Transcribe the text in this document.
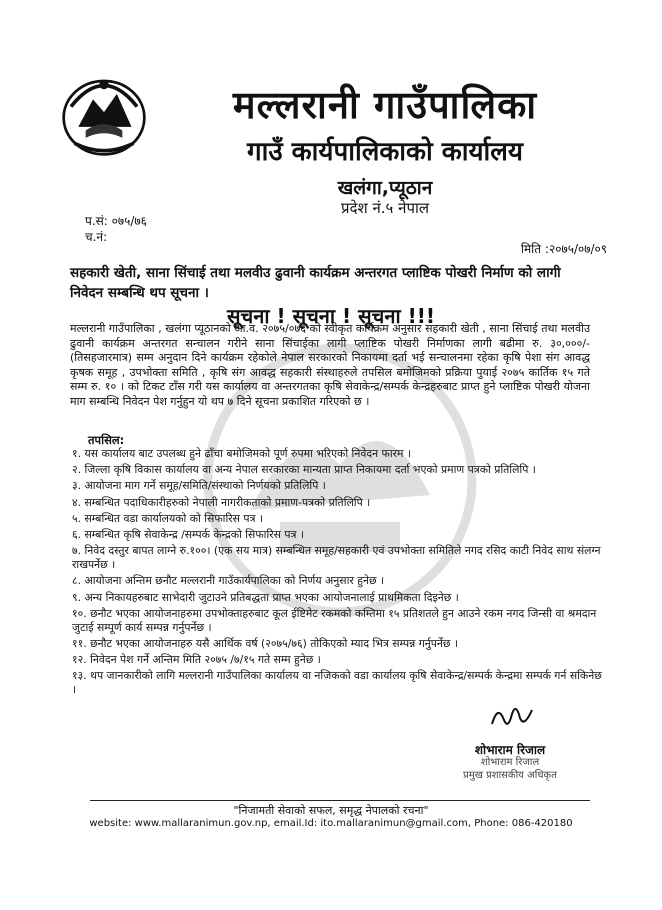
मल्लरानी गाउँपालिका
गाउँ कार्यपालिकाको कार्यालय
खलंगा,प्यूठान
प्रदेश नं.५ नेपाल
प.सं: ०७५/७६
च.नं:
मिति :२०७५/०७/०९
सहकारी खेती, साना सिंचाई तथा मलवीउ ढुवानी कार्यक्रम अन्तरगत प्लाष्टिक पोखरी निर्माण को लागी निवेदन सम्बन्धि थप सूचना ।
सूचना ! सूचना ! सूचना !!!
मल्लरानी गाउँपालिका , खलंगा प्यूठानको आ.व. २०७५/०७६ को स्वीकृत कार्यक्रम अनुसार सहकारी खेती , साना सिंचाई तथा मलवीउ ढुवानी कार्यक्रम अन्तरगत सन्चालन गरीने साना सिंचाईका लागी प्लाष्टिक पोखरी निर्माणका लागी बढीमा रु. ३०,०००/- (तिसहजारमात्र) सम्म अनुदान दिने कार्यक्रम रहेकोले नेपाल सरकारको निकायमा दर्ता भई सन्चालनमा रहेका कृषि पेशा संग आवद्ध कृषक समूह , उपभोक्ता समिति , कृषि संग आवद्ध सहकारी संस्थाहरुले तपसिल बमोजिमको प्रक्रिया पुयाई २०७५ कार्तिक १५ गते सम्म रु. १० । को टिकट टाँस गरी यस कार्यालय वा अन्तरगतका कृषि सेवाकेन्द्र/सम्पर्क केन्द्रहरुबाट प्राप्त हुने प्लाष्टिक पोखरी योजना माग सम्बन्धि निवेदन पेश गर्नुहुन यो थप ७ दिने सूचना प्रकाशित गरिएको छ ।
तपसिल:
१. यस कार्यालय बाट उपलब्ध हुने ढाँचा बमोजिमको पूर्ण रुपमा भरिएको निवेदन फारम ।
२. जिल्ला कृषि विकास कार्यालय वा अन्य नेपाल सरकारका मान्यता प्राप्त निकायमा दर्ता भएको प्रमाण पत्रको प्रतिलिपि ।
३. आयोजना माग गर्ने समूह/समिति/संस्थाको निर्णयको प्रतिलिपि ।
४. सम्बन्धित पदाधिकारीहरुको नेपाली नागरीकताको प्रमाण-पत्रको प्रतिलिपि ।
५. सम्बन्धित वडा कार्यालयको को सिफारिस पत्र ।
६. सम्बन्धित कृषि सेवाकेन्द्र /सम्पर्क केन्द्रको सिफारिस पत्र ।
७. निवेद दस्तुर बापत लाग्ने रु.१००। (एक सय मात्र) सम्बन्धित समूह/सहकारी एवं उपभोक्ता समितिले नगद रसिद काटी निवेद साथ संलग्न राखपर्नेछ ।
८. आयोजना अन्तिम छनौट मल्लरानी गाउँकार्यपालिका को निर्णय अनुसार हुनेछ ।
९. अन्य निकायहरुबाट साभेदारी जुटाउने प्रतिबद्धता प्राप्त भएका आयोजनालाई प्राथमिकता दिइनेछ ।
१०. छनौट भएका आयोजनाहरुमा उपभोक्ताहरुबाट कूल ईष्टिमेट रकमको कम्तिमा १५ प्रतिशतले हुन आउने रकम नगद जिन्सी वा श्रमदान जुटाई सम्पूर्ण कार्य सम्पन्न गर्नुपर्नेछ ।
११. छनौट भएका आयोजनाहरु यसै आर्थिक वर्ष (२०७५/७६) तोकिएको म्याद भित्र सम्पन्न गर्नुपर्नेछ ।
१२. निवेदन पेश गर्ने अन्तिम मिति २०७५ /७/१५ गते सम्म हुनेछ ।
१३. थप जानकारीको लागि मल्लरानी गाउँपालिका कार्यालय वा नजिकको वडा कार्यालय कृषि सेवाकेन्द्र/सम्पर्क केन्द्रमा सम्पर्क गर्न सकिनेछ ।
शोभाराम रिजाल
शोभाराम रिजाल
प्रमुख प्रशासकीय अधिकृत
"निजामती सेवाको सफल, समृद्ध नेपालको रचना"
website: www.mallaranimun.gov.np, email.Id: ito.mallaranimun@gmail.com, Phone: 086-420180
